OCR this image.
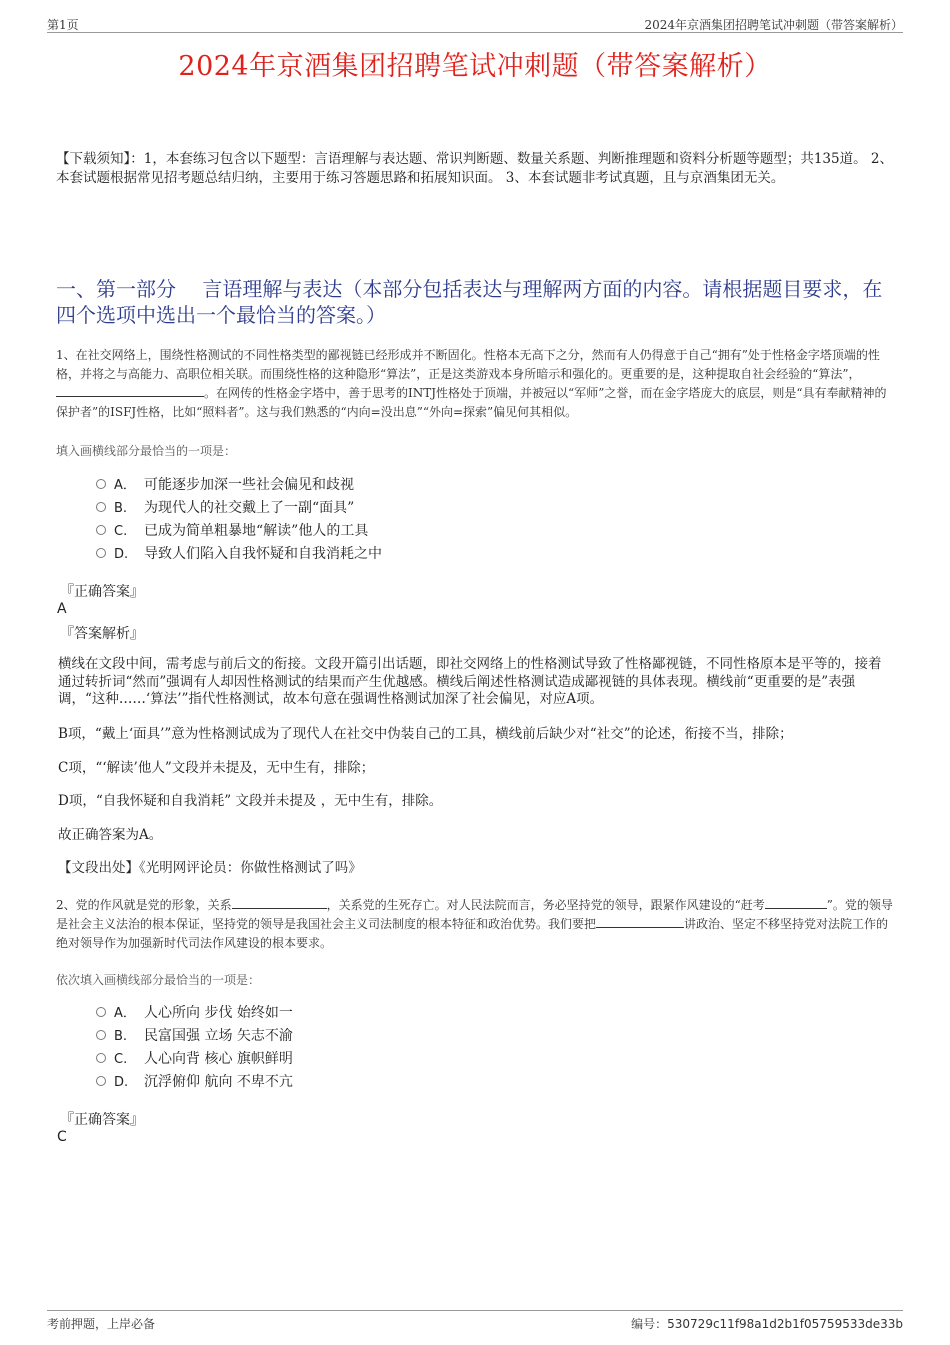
第1页	2024年京酒集团招聘笔试冲刺题（带答案解析）
2024年京酒集团招聘笔试冲刺题（带答案解析）
【下载须知】：1，本套练习包含以下题型：言语理解与表达题、常识判断题、数量关系题、判断推理题和资料分析题等题型；共135道。 2、本套试题根据常见招考题总结归纳，主要用于练习答题思路和拓展知识面。 3、本套试题非考试真题，且与京酒集团无关。
一、第一部分　 言语理解与表达（本部分包括表达与理解两方面的内容。请根据题目要求，在四个选项中选出一个最恰当的答案。）
1、在社交网络上，围绕性格测试的不同性格类型的鄙视链已经形成并不断固化。性格本无高下之分，然而有人仍得意于自己“拥有”处于性格金字塔顶端的性格，并将之与高能力、高职位相关联。而围绕性格的这种隐形“算法”，正是这类游戏本身所暗示和强化的。更重要的是，这种提取自社会经验的“算法”，。在网传的性格金字塔中，善于思考的INTJ性格处于顶端，并被冠以“军师”之誉，而在金字塔庞大的底层，则是“具有奉献精神的保护者”的ISFJ性格，比如“照料者”。这与我们熟悉的“内向=没出息”“外向=探索”偏见何其相似。
填入画横线部分最恰当的一项是：
A． 可能逐步加深一些社会偏见和歧视
B. 为现代人的社交戴上了一副“面具”
C. 已成为简单粗暴地“解读”他人的工具
D. 导致人们陷入自我怀疑和自我消耗之中
『正确答案』
A
『答案解析』
横线在文段中间，需考虑与前后文的衔接。文段开篇引出话题，即社交网络上的性格测试导致了性格鄙视链，不同性格原本是平等的，接着通过转折词“然而”强调有人却因性格测试的结果而产生优越感。横线后阐述性格测试造成鄙视链的具体表现。横线前“更重要的是”表强调，“这种……‘算法’”指代性格测试，故本句意在强调性格测试加深了社会偏见，对应A项。
B项，“戴上‘面具’”意为性格测试成为了现代人在社交中伪装自己的工具，横线前后缺少对“社交”的论述，衔接不当，排除；
C项，“‘解读’他人”文段并未提及，无中生有，排除；
D项，“自我怀疑和自我消耗” 文段并未提及 ，无中生有，排除。
故正确答案为A。
【文段出处】《光明网评论员：你做性格测试了吗》
2、党的作风就是党的形象，关系	，关系党的生死存亡。对人民法院而言，务必坚持党的领导，跟紧作风建设的“赶考	”。党的领导是社会主义法治的根本保证，坚持党的领导是我国社会主义司法制度的根本特征和政治优势。我们要把	讲政治、坚定不移坚持党对法院工作的绝对领导作为加强新时代司法作风建设的根本要求。
依次填入画横线部分最恰当的一项是：
A． 人心所向 步伐 始终如一
B. 民富国强 立场 矢志不渝
C. 人心向背 核心 旗帜鲜明
D. 沉浮俯仰 航向 不卑不亢
『正确答案』
C
考前押题，上岸必备	编号：530729c11f98a1d2b1f05759533de33b
